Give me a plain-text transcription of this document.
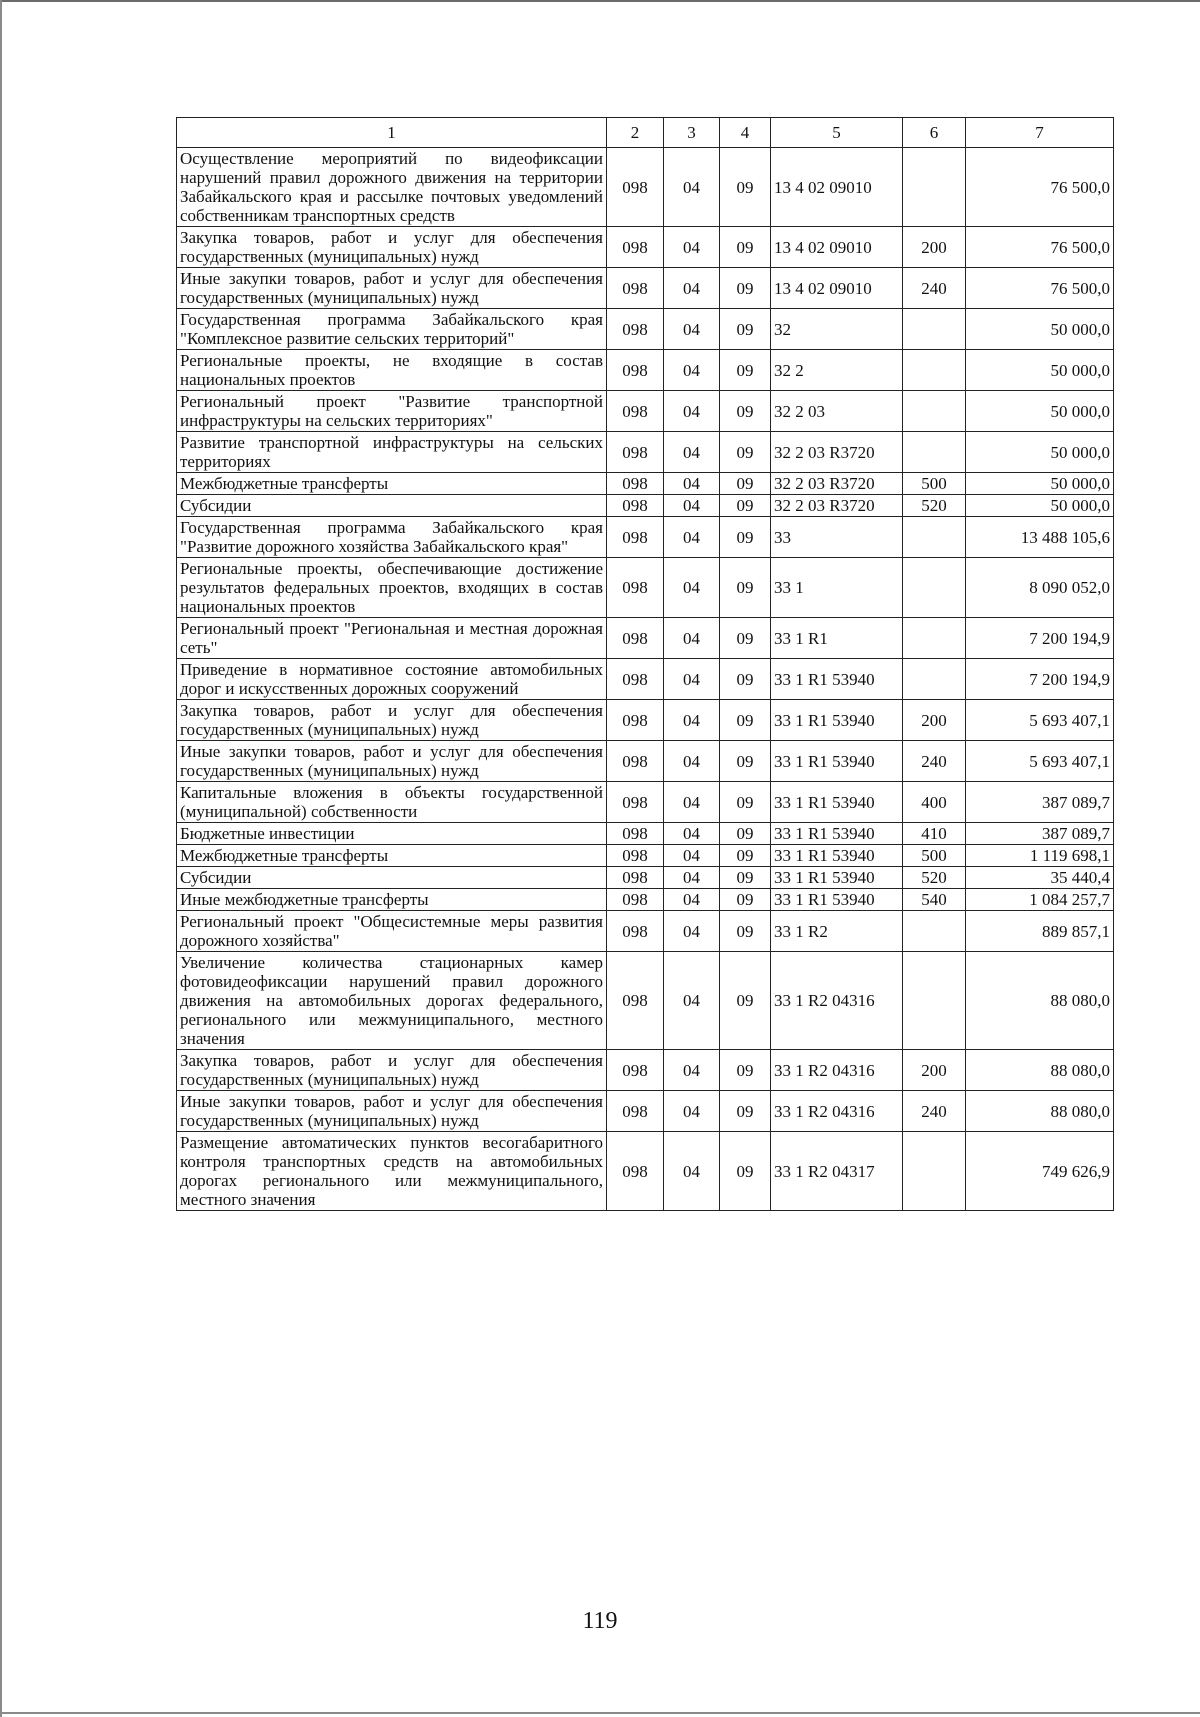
1	2	3	4	5	6	7
Осуществление мероприятий по видеофиксации нарушений правил дорожного движения на территории Забайкальского края и рассылке почтовых уведомлений собственникам транспортных средств	098	04	09	13 4 02 09010		76 500,0
Закупка товаров, работ и услуг для обеспечения государственных (муниципальных) нужд	098	04	09	13 4 02 09010	200	76 500,0
Иные закупки товаров, работ и услуг для обеспечения государственных (муниципальных) нужд	098	04	09	13 4 02 09010	240	76 500,0
Государственная программа Забайкальского края "Комплексное развитие сельских территорий"	098	04	09	32		50 000,0
Региональные проекты, не входящие в состав национальных проектов	098	04	09	32 2		50 000,0
Региональный проект "Развитие транспортной инфраструктуры на сельских территориях"	098	04	09	32 2 03		50 000,0
Развитие транспортной инфраструктуры на сельских территориях	098	04	09	32 2 03 R3720		50 000,0
Межбюджетные трансферты	098	04	09	32 2 03 R3720	500	50 000,0
Субсидии	098	04	09	32 2 03 R3720	520	50 000,0
Государственная программа Забайкальского края "Развитие дорожного хозяйства Забайкальского края"	098	04	09	33		13 488 105,6
Региональные проекты, обеспечивающие достижение результатов федеральных проектов, входящих в состав национальных проектов	098	04	09	33 1		8 090 052,0
Региональный проект "Региональная и местная дорожная сеть"	098	04	09	33 1 R1		7 200 194,9
Приведение в нормативное состояние автомобильных дорог и искусственных дорожных сооружений	098	04	09	33 1 R1 53940		7 200 194,9
Закупка товаров, работ и услуг для обеспечения государственных (муниципальных) нужд	098	04	09	33 1 R1 53940	200	5 693 407,1
Иные закупки товаров, работ и услуг для обеспечения государственных (муниципальных) нужд	098	04	09	33 1 R1 53940	240	5 693 407,1
Капитальные вложения в объекты государственной (муниципальной) собственности	098	04	09	33 1 R1 53940	400	387 089,7
Бюджетные инвестиции	098	04	09	33 1 R1 53940	410	387 089,7
Межбюджетные трансферты	098	04	09	33 1 R1 53940	500	1 119 698,1
Субсидии	098	04	09	33 1 R1 53940	520	35 440,4
Иные межбюджетные трансферты	098	04	09	33 1 R1 53940	540	1 084 257,7
Региональный проект "Общесистемные меры развития дорожного хозяйства"	098	04	09	33 1 R2		889 857,1
Увеличение количества стационарных камер фотовидеофиксации нарушений правил дорожного движения на автомобильных дорогах федерального, регионального или межмуниципального, местного значения	098	04	09	33 1 R2 04316		88 080,0
Закупка товаров, работ и услуг для обеспечения государственных (муниципальных) нужд	098	04	09	33 1 R2 04316	200	88 080,0
Иные закупки товаров, работ и услуг для обеспечения государственных (муниципальных) нужд	098	04	09	33 1 R2 04316	240	88 080,0
Размещение автоматических пунктов весогабаритного контроля транспортных средств на автомобильных дорогах регионального или межмуниципального, местного значения	098	04	09	33 1 R2 04317		749 626,9
119
